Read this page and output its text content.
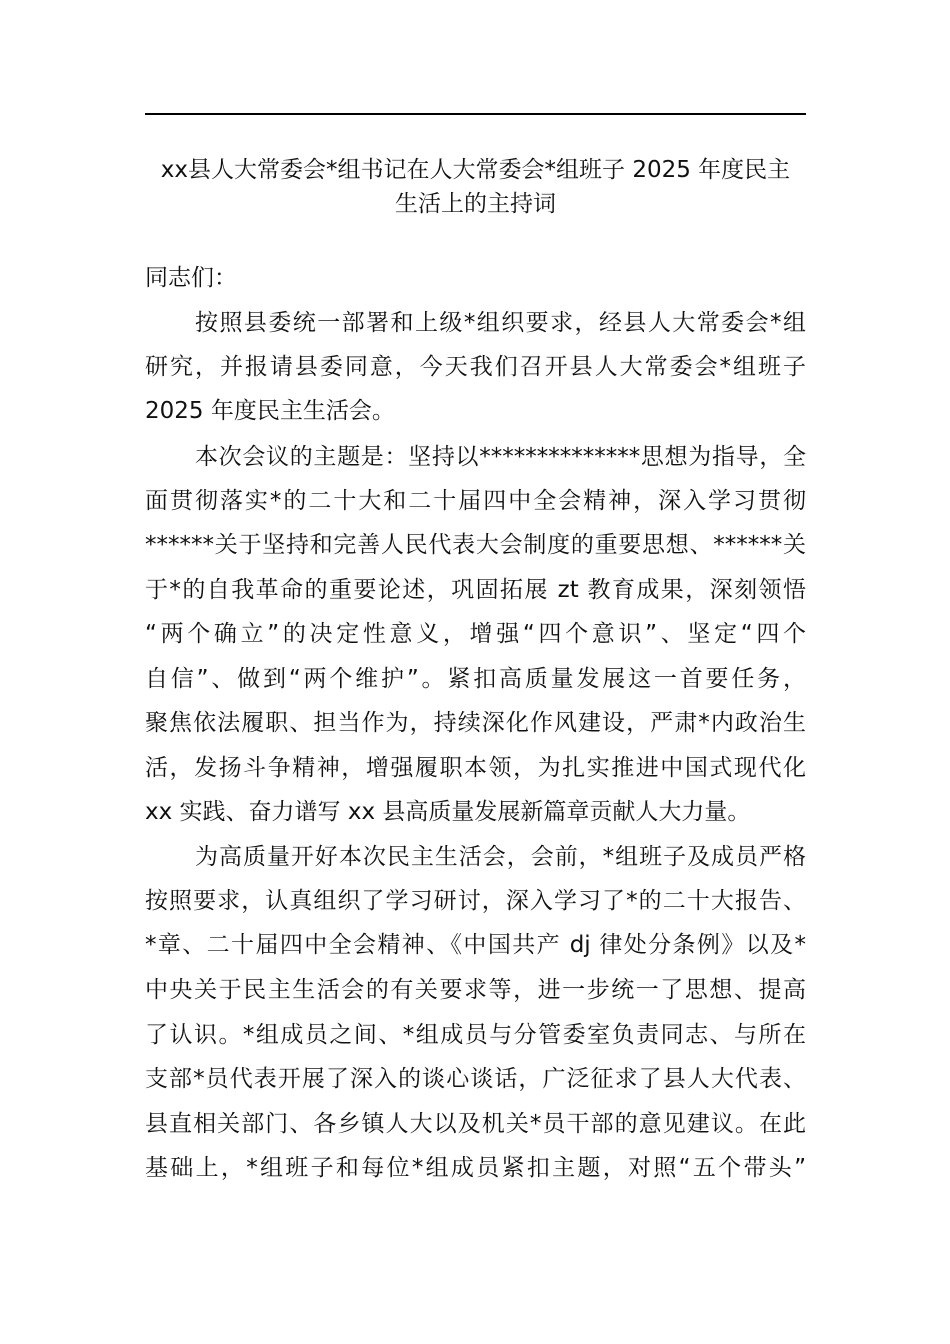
xx县人大常委会*组书记在人大常委会*组班子 2025 年度民主
生活上的主持词
同志们：
按照县委统一部署和上级*组织要求，经县人大常委会*组
研究，并报请县委同意，今天我们召开县人大常委会*组班子
2025 年度民主生活会。
本次会议的主题是：坚持以**************思想为指导，全
面贯彻落实*的二十大和二十届四中全会精神，深入学习贯彻
******关于坚持和完善人民代表大会制度的重要思想、******关
于*的自我革命的重要论述，巩固拓展 zt 教育成果，深刻领悟
“两个确立”的决定性意义，增强“四个意识”、坚定“四个
自信”、做到“两个维护”。紧扣高质量发展这一首要任务，
聚焦依法履职、担当作为，持续深化作风建设，严肃*内政治生
活，发扬斗争精神，增强履职本领，为扎实推进中国式现代化
xx 实践、奋力谱写 xx 县高质量发展新篇章贡献人大力量。
为高质量开好本次民主生活会，会前，*组班子及成员严格
按照要求，认真组织了学习研讨，深入学习了*的二十大报告、
*章、二十届四中全会精神、《中国共产 dj 律处分条例》以及*
中央关于民主生活会的有关要求等，进一步统一了思想、提高
了认识。*组成员之间、*组成员与分管委室负责同志、与所在
支部*员代表开展了深入的谈心谈话，广泛征求了县人大代表、
县直相关部门、各乡镇人大以及机关*员干部的意见建议。在此
基础上，*组班子和每位*组成员紧扣主题，对照“五个带头”
